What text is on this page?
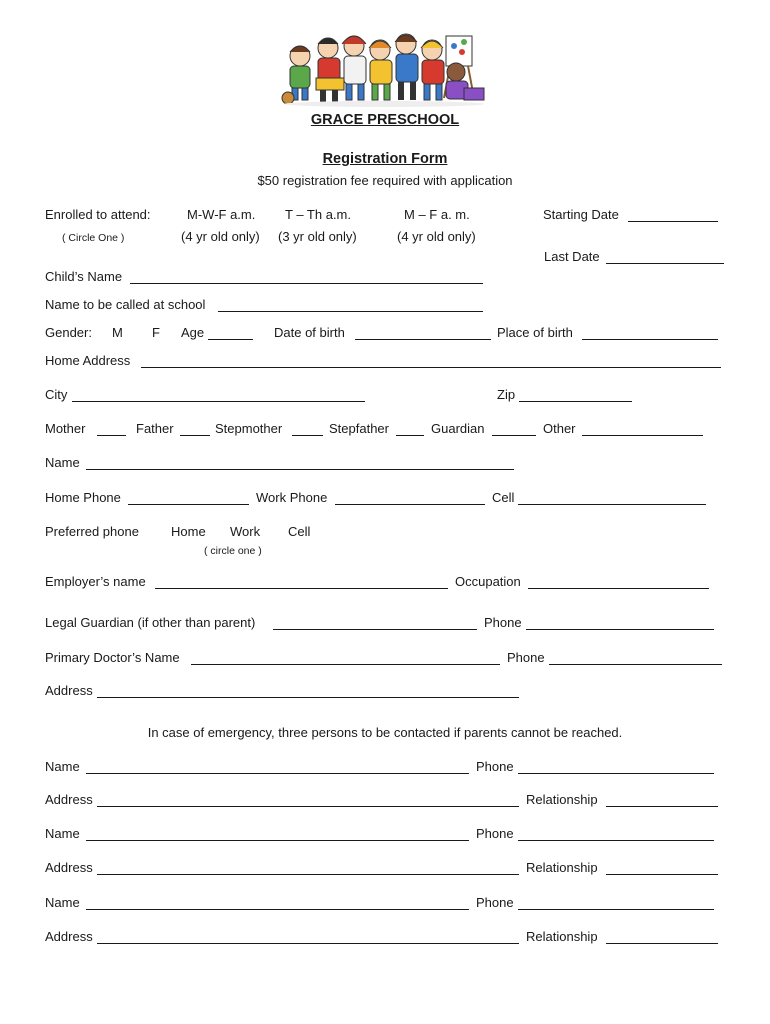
GRACE PRESCHOOL
Registration Form
$50 registration fee required with application
Enrolled to attend:
( Circle One )
M-W-F a.m.
(4 yr old only)
T – Th a.m.
(3 yr old only)
M – F a. m.
(4 yr old only)
Starting Date
Last Date
Child’s Name
Name to be called at school
Gender: M F Age	Date of birth	Place of birth
Home Address
City	Zip
Mother	Father	Stepmother	Stepfather	Guardian	Other
Name
Home Phone	Work Phone	Cell
Preferred phone Home Work Cell
( circle one )
Employer’s name	Occupation
Legal Guardian (if other than parent)	Phone
Primary Doctor’s Name	Phone
Address
In case of emergency, three persons to be contacted if parents cannot be reached.
Name	Phone
Address	Relationship
Name	Phone
Address	Relationship
Name	Phone
Address	Relationship
